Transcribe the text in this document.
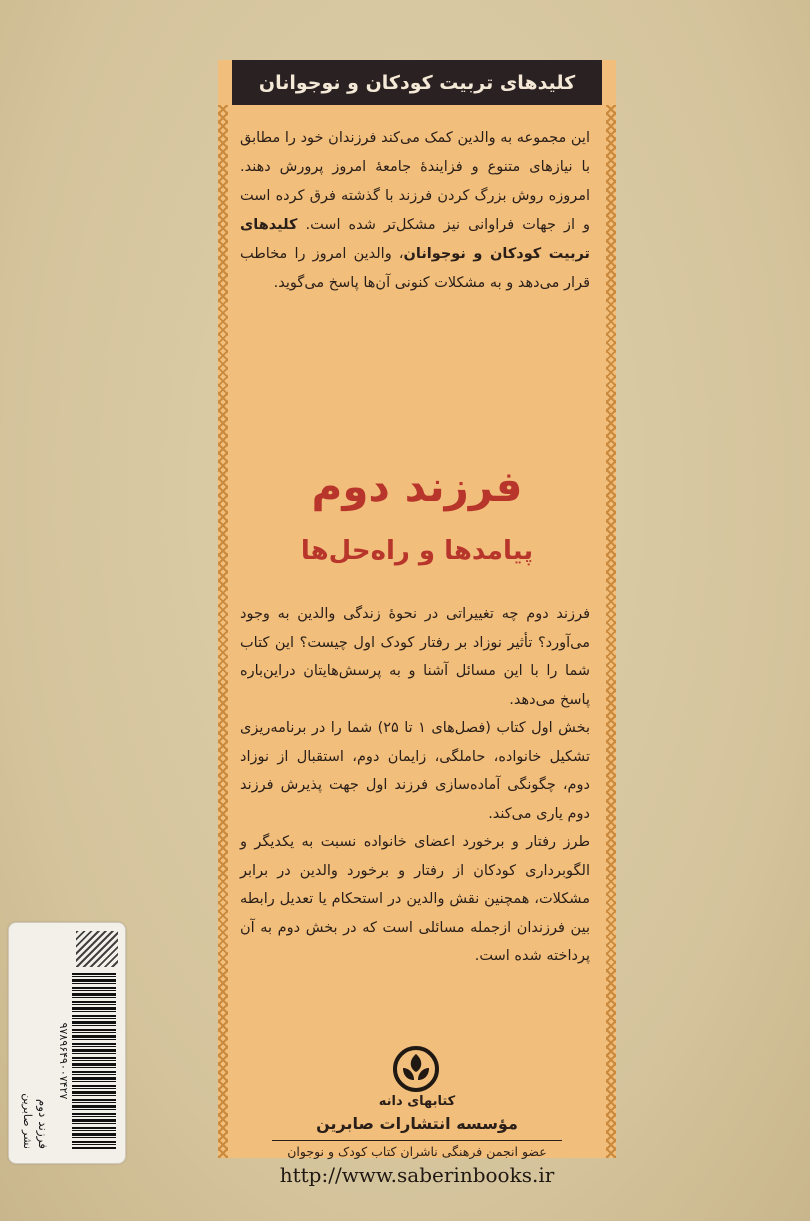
کلیدهای تربیت کودکان و نوجوانان
این مجموعه به والدین کمک می‌کند فرزندان خود را مطابق با نیازهای متنوع و فزایندهٔ جامعهٔ امروز پرورش دهند. امروزه روش بزرگ کردن فرزند با گذشته فرق کرده است و از جهات فراوانی نیز مشکل‌تر شده است. کلیدهای تربیت کودکان و نوجوانان، والدین امروز را مخاطب قرار می‌دهد و به مشکلات کنونی آن‌ها پاسخ می‌گوید.
فرزند دوم
پیامدها و راه‌حل‌ها

فرزند دوم چه تغییراتی در نحوهٔ زندگی والدین به وجود می‌آورد؟ تأثیر نوزاد بر رفتار کودک اول چیست؟ این کتاب شما را با این مسائل آشنا و به پرسش‌هایتان دراین‌باره پاسخ می‌دهد.

بخش اول کتاب (فصل‌های ۱ تا ۲۵) شما را در برنامه‌ریزی تشکیل خانواده، حاملگی، زایمان دوم، استقبال از نوزاد دوم، چگونگی آماده‌سازی فرزند اول جهت پذیرش فرزند دوم یاری می‌کند.

طرز رفتار و برخورد اعضای خانواده نسبت به یکدیگر و الگوبرداری کودکان از رفتار و برخورد والدین در برابر مشکلات، همچنین نقش والدین در استحکام یا تعدیل رابطه بین فرزندان ازجمله مسائلی است که در بخش دوم به آن پرداخته شده است.

کتابهای دانه
مؤسسه انتشارات صابرین
عضو انجمن فرهنگی ناشران کتاب کودک و نوجوان
http://www.saberinbooks.ir
۹۷۸۹۶۴۹۰۰۷۴۲۷
فرزند دوم
نشر صابرین
